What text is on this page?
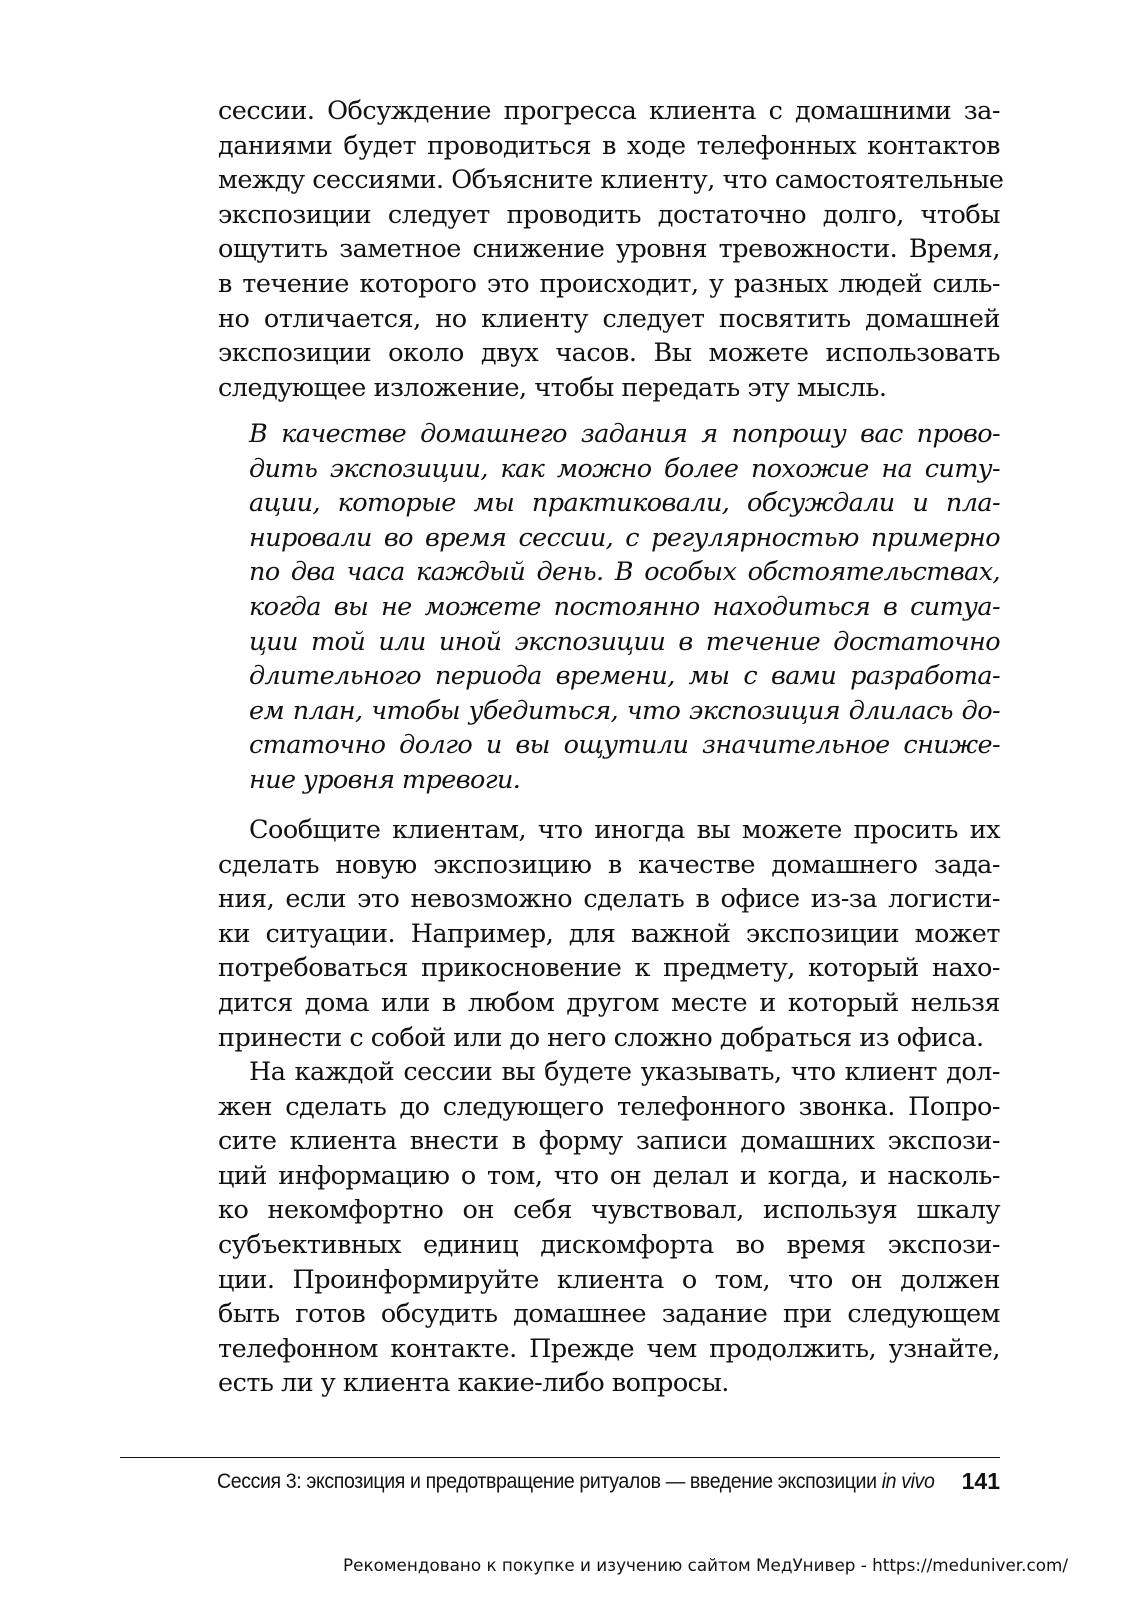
сессии. Обсуждение прогресса клиента с домашними за-
даниями будет проводиться в ходе телефонных контактов
между сессиями. Объясните клиенту, что самостоятельные
экспозиции следует проводить достаточно долго, чтобы
ощутить заметное снижение уровня тревожности. Время,
в течение которого это происходит, у разных людей силь-
но отличается, но клиенту следует посвятить домашней
экспозиции около двух часов. Вы можете использовать
следующее изложение, чтобы передать эту мысль.
В качестве домашнего задания я попрошу вас прово-
дить экспозиции, как можно более похожие на ситу-
ации, которые мы практиковали, обсуждали и пла-
нировали во время сессии, с регулярностью примерно
по два часа каждый день. В особых обстоятельствах,
когда вы не можете постоянно находиться в ситуа-
ции той или иной экспозиции в течение достаточно
длительного периода времени, мы с вами разработа-
ем план, чтобы убедиться, что экспозиция длилась до-
статочно долго и вы ощутили значительное сниже-
ние уровня тревоги.
Сообщите клиентам, что иногда вы можете просить их
сделать новую экспозицию в качестве домашнего зада-
ния, если это невозможно сделать в офисе из-за логисти-
ки ситуации. Например, для важной экспозиции может
потребоваться прикосновение к предмету, который нахо-
дится дома или в любом другом месте и который нельзя
принести с собой или до него сложно добраться из офиса.
На каждой сессии вы будете указывать, что клиент дол-
жен сделать до следующего телефонного звонка. Попро-
сите клиента внести в форму записи домашних экспози-
ций информацию о том, что он делал и когда, и насколь-
ко некомфортно он себя чувствовал, используя шкалу
субъективных единиц дискомфорта во время экспози-
ции. Проинформируйте клиента о том, что он должен
быть готов обсудить домашнее задание при следующем
телефонном контакте. Прежде чем продолжить, узнайте,
есть ли у клиента какие-либо вопросы.
Сессия 3: экспозиция и предотвращение ритуалов — введение экспозиции in vivo 141
Рекомендовано к покупке и изучению сайтом МедУнивер - https://meduniver.com/
